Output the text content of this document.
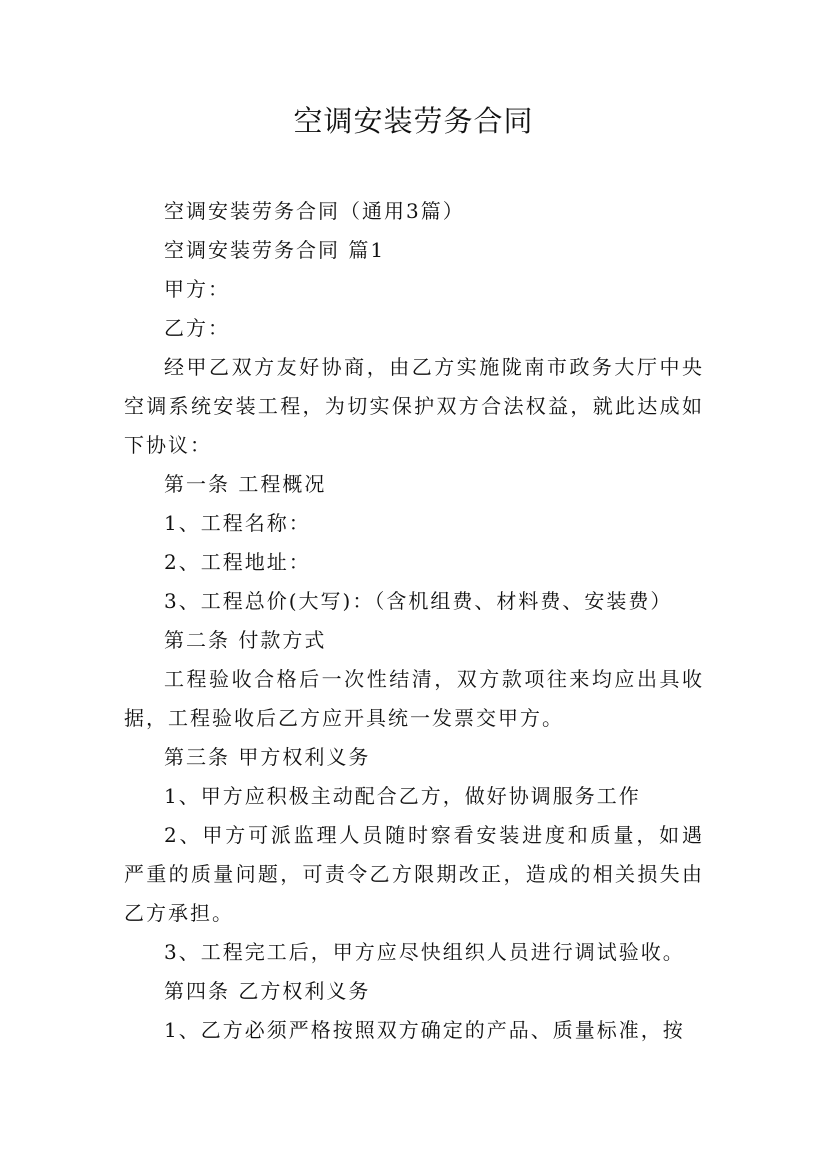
空调安装劳务合同

空调安装劳务合同（通用3篇）

空调安装劳务合同 篇1

甲方：

乙方：

经甲乙双方友好协商，由乙方实施陇南市政务大厅中央空调系统安装工程，为切实保护双方合法权益，就此达成如下协议：

第一条 工程概况

1、工程名称：

2、工程地址：

3、工程总价(大写)：（含机组费、材料费、安装费）

第二条 付款方式

工程验收合格后一次性结清，双方款项往来均应出具收据，工程验收后乙方应开具统一发票交甲方。

第三条 甲方权利义务

1、甲方应积极主动配合乙方，做好协调服务工作

2、甲方可派监理人员随时察看安装进度和质量，如遇严重的质量问题，可责令乙方限期改正，造成的相关损失由乙方承担。

3、工程完工后，甲方应尽快组织人员进行调试验收。

第四条 乙方权利义务

1、乙方必须严格按照双方确定的产品、质量标准，按
